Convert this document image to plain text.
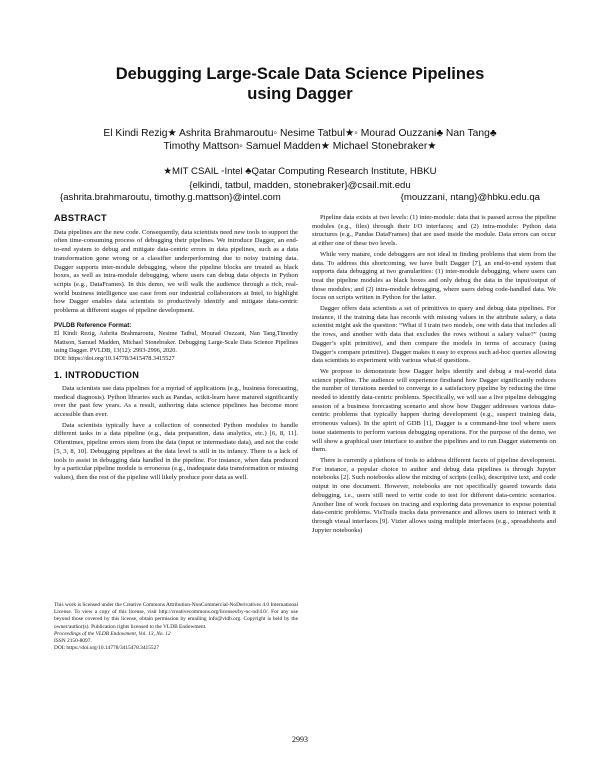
Debugging Large-Scale Data Science Pipelines
using Dagger
El Kindi Rezig★ Ashrita Brahmaroutu◦ Nesime Tatbul★◦ Mourad Ouzzani♣ Nan Tang♣
Timothy Mattson◦ Samuel Madden★ Michael Stonebraker★
★MIT CSAIL ◦Intel ♣Qatar Computing Research Institute, HBKU
{elkindi, tatbul, madden, stonebraker}@csail.mit.edu
{ashrita.brahmaroutu, timothy.g.mattson}@intel.com	{mouzzani, ntang}@hbku.edu.qa
ABSTRACT

Data pipelines are the new code. Consequently, data scientists need new tools to support the often time-consuming process of debugging their pipelines. We introduce Dagger, an end-to-end system to debug and mitigate data-centric errors in data pipelines, such as a data transformation gone wrong or a classifier underperforming due to noisy training data. Dagger supports inter-module debugging, where the pipeline blocks are treated as black boxes, as well as intra-module debugging, where users can debug data objects in Python scripts (e.g., DataFrames). In this demo, we will walk the audience through a rich, real-world business intelligence use case from our industrial collaborators at Intel, to highlight how Dagger enables data scientists to productively identify and mitigate data-centric problems at different stages of pipeline development.

PVLDB Reference Format:
El Kindi Rezig, Ashrita Brahmaroutu, Nesime Tatbul, Mourad Ouzzani, Nan Tang,Timothy Mattson, Samuel Madden, Michael Stonebraker. Debugging Large-Scale Data Science Pipelines using Dagger. PVLDB, 13(12): 2993-2996, 2020.
DOI: https://doi.org/10.14778/3415478.3415527
1. INTRODUCTION

Data scientists use data pipelines for a myriad of applications (e.g., business forecasting, medical diagnosis). Python libraries such as Pandas, scikit-learn have matured significantly over the past few years. As a result, authoring data science pipelines has become more accessible than ever.

Data scientists typically have a collection of connected Python modules to handle different tasks in a data pipeline (e.g., data preparation, data analytics, etc.) [6, 8, 11]. Oftentimes, pipeline errors stem from the data (input or intermediate data), and not the code [5, 3, 8, 10]. Debugging pipelines at the data level is still in its infancy. There is a lack of tools to assist in debugging data handled in the pipeline. For instance, when data produced by a particular pipeline module is erroneous (e.g., inadequate data transformation or missing values), then the rest of the pipeline will likely produce poor data as well.

This work is licensed under the Creative Commons Attribution-NonCommercial-NoDerivatives 4.0 International License. To view a copy of this license, visit http://creativecommons.org/licenses/by-nc-nd/4.0/. For any use beyond those covered by this license, obtain permission by emailing info@vldb.org. Copyright is held by the owner/author(s). Publication rights licensed to the VLDB Endowment.

Proceedings of the VLDB Endowment, Vol. 13, No. 12

ISSN 2150-8097.

DOI: https://doi.org/10.14778/3415478.3415527

Pipeline data exists at two levels: (1) inter-module: data that is passed across the pipeline modules (e.g., files) through their I/O interfaces; and (2) intra-module: Python data structures (e.g., Pandas DataFrames) that are used inside the module. Data errors can occur at either one of these two levels.

While very mature, code debuggers are not ideal in finding problems that stem from the data. To address this shortcoming, we have built Dagger [7], an end-to-end system that supports data debugging at two granularities: (1) inter-module debugging, where users can treat the pipeline modules as black boxes and only debug the data in the input/output of those modules; and (2) intra-module debugging, where users debug code-handled data. We focus on scripts written in Python for the latter.

Dagger offers data scientists a set of primitives to query and debug data pipelines. For instance, if the training data has records with missing values in the attribute salary, a data scientist might ask the question: “What if I train two models, one with data that includes all the rows, and another with data that excludes the rows without a salary value?” (using Dagger’s split primitive), and then compare the models in terms of accuracy (using Dagger’s compare primitive). Dagger makes it easy to express such ad-hoc queries allowing data scientists to experiment with various what-if questions.

We propose to demonstrate how Dagger helps identify and debug a real-world data science pipeline. The audience will experience firsthand how Dagger significantly reduces the number of iterations needed to converge to a satisfactory pipeline by reducing the time needed to identify data-centric problems. Specifically, we will use a live pipeline debugging session of a business forecasting scenario and show how Dagger addresses various data-centric problems that typically happen during development (e.g., suspect training data, erroneous values). In the spirit of GDB [1], Dagger is a command-line tool where users issue statements to perform various debugging operations. For the purpose of the demo, we will show a graphical user interface to author the pipelines and to run Dagger statements on them.

There is currently a plethora of tools to address different facets of pipeline development. For instance, a popular choice to author and debug data pipelines is through Jupyter notebooks [2]. Such notebooks allow the mixing of scripts (cells), descriptive text, and code output in one document. However, notebooks are not specifically geared towards data debugging, i.e., users still need to write code to test for different data-centric scenarios. Another line of work focuses on tracing and exploring data provenance to expose potential data-centric problems. VisTrails tracks data provenance and allows users to interact with it through visual interfaces [9]. Vizier allows using multiple interfaces (e.g., spreadsheets and Jupyter notebooks)

2993
